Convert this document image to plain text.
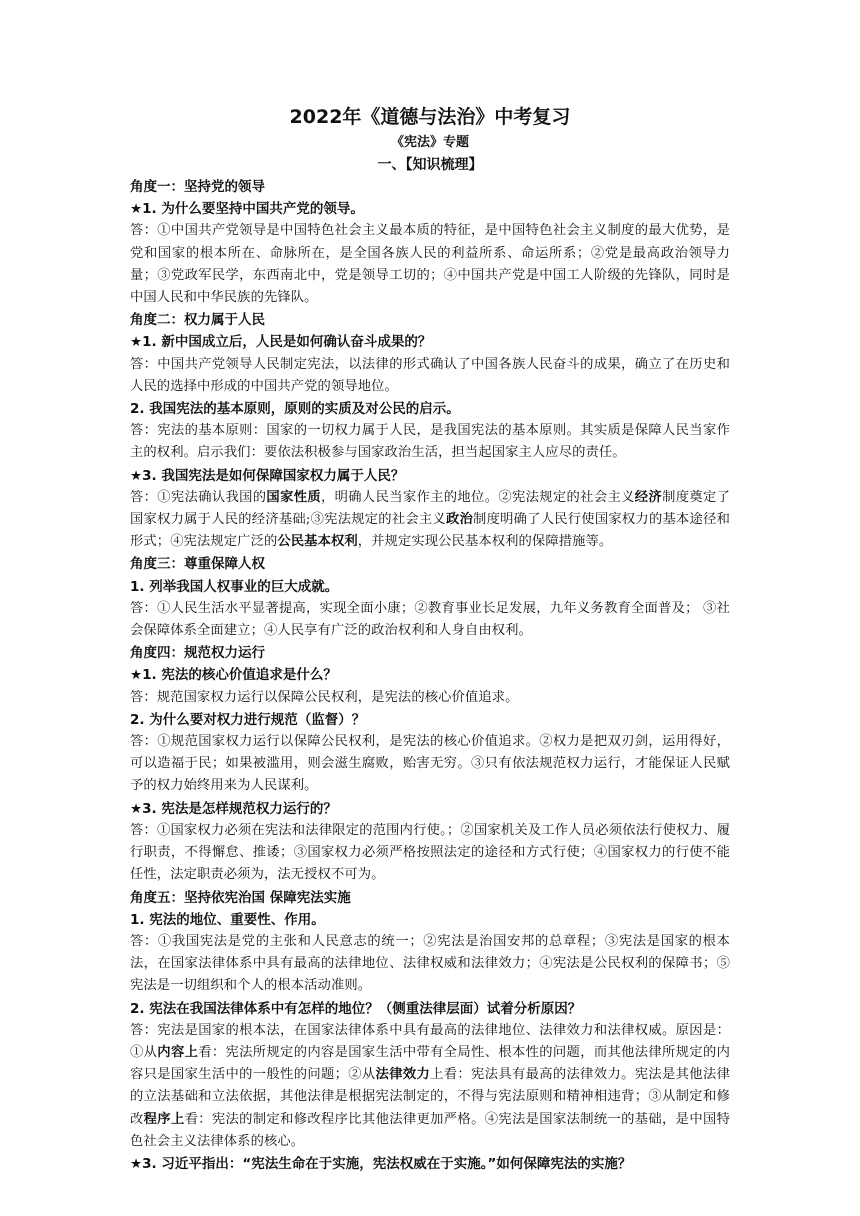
2022年《道德与法治》中考复习

《宪法》专题

一、【知识梳理】

角度一：坚持党的领导

★1. 为什么要坚持中国共产党的领导。

答：①中国共产党领导是中国特色社会主义最本质的特征，是中国特色社会主义制度的最大优势，是党和国家的根本所在、命脉所在，是全国各族人民的利益所系、命运所系；②党是最高政治领导力量；③党政军民学，东西南北中，党是领导工切的；④中国共产党是中国工人阶级的先锋队，同时是中国人民和中华民族的先锋队。

角度二：权力属于人民

★1. 新中国成立后，人民是如何确认奋斗成果的？

答：中国共产党领导人民制定宪法，以法律的形式确认了中国各族人民奋斗的成果，确立了在历史和人民的选择中形成的中国共产党的领导地位。

2. 我国宪法的基本原则，原则的实质及对公民的启示。

答：宪法的基本原则：国家的一切权力属于人民，是我国宪法的基本原则。其实质是保障人民当家作主的权利。启示我们：要依法积极参与国家政治生活，担当起国家主人应尽的责任。

★3. 我国宪法是如何保障国家权力属于人民？

答：①宪法确认我国的国家性质，明确人民当家作主的地位。②宪法规定的社会主义经济制度奠定了国家权力属于人民的经济基础;③宪法规定的社会主义政治制度明确了人民行使国家权力的基本途径和形式；④宪法规定广泛的公民基本权利，并规定实现公民基本权利的保障措施等。

角度三：尊重保障人权

1. 列举我国人权事业的巨大成就。

答：①人民生活水平显著提高，实现全面小康；②教育事业长足发展，九年义务教育全面普及； ③社会保障体系全面建立；④人民享有广泛的政治权利和人身自由权利。

角度四：规范权力运行

★1. 宪法的核心价值追求是什么？

答：规范国家权力运行以保障公民权利，是宪法的核心价值追求。

2. 为什么要对权力进行规范（监督）？

答：①规范国家权力运行以保障公民权利，是宪法的核心价值追求。②权力是把双刃剑，运用得好，可以造福于民；如果被滥用，则会滋生腐败，贻害无穷。③只有依法规范权力运行，才能保证人民赋予的权力始终用来为人民谋利。

★3. 宪法是怎样规范权力运行的？

答：①国家权力必须在宪法和法律限定的范围内行使。；②国家机关及工作人员必须依法行使权力、履行职责，不得懈怠、推诿；③国家权力必须严格按照法定的途径和方式行使；④国家权力的行使不能任性，法定职责必须为，法无授权不可为。

角度五：坚持依宪治国 保障宪法实施

1. 宪法的地位、重要性、作用。

答：①我国宪法是党的主张和人民意志的统一；②宪法是治国安邦的总章程；③宪法是国家的根本法，在国家法律体系中具有最高的法律地位、法律权威和法律效力；④宪法是公民权利的保障书；⑤宪法是一切组织和个人的根本活动准则。

2. 宪法在我国法律体系中有怎样的地位？（侧重法律层面）试着分析原因？

答：宪法是国家的根本法，在国家法律体系中具有最高的法律地位、法律效力和法律权威。原因是：①从内容上看：宪法所规定的内容是国家生活中带有全局性、根本性的问题，而其他法律所规定的内容只是国家生活中的一般性的问题；②从法律效力上看：宪法具有最高的法律效力。宪法是其他法律的立法基础和立法依据，其他法律是根据宪法制定的，不得与宪法原则和精神相违背；③从制定和修改程序上看：宪法的制定和修改程序比其他法律更加严格。④宪法是国家法制统一的基础，是中国特色社会主义法律体系的核心。

★3. 习近平指出：“宪法生命在于实施，宪法权威在于实施。”如何保障宪法的实施？
